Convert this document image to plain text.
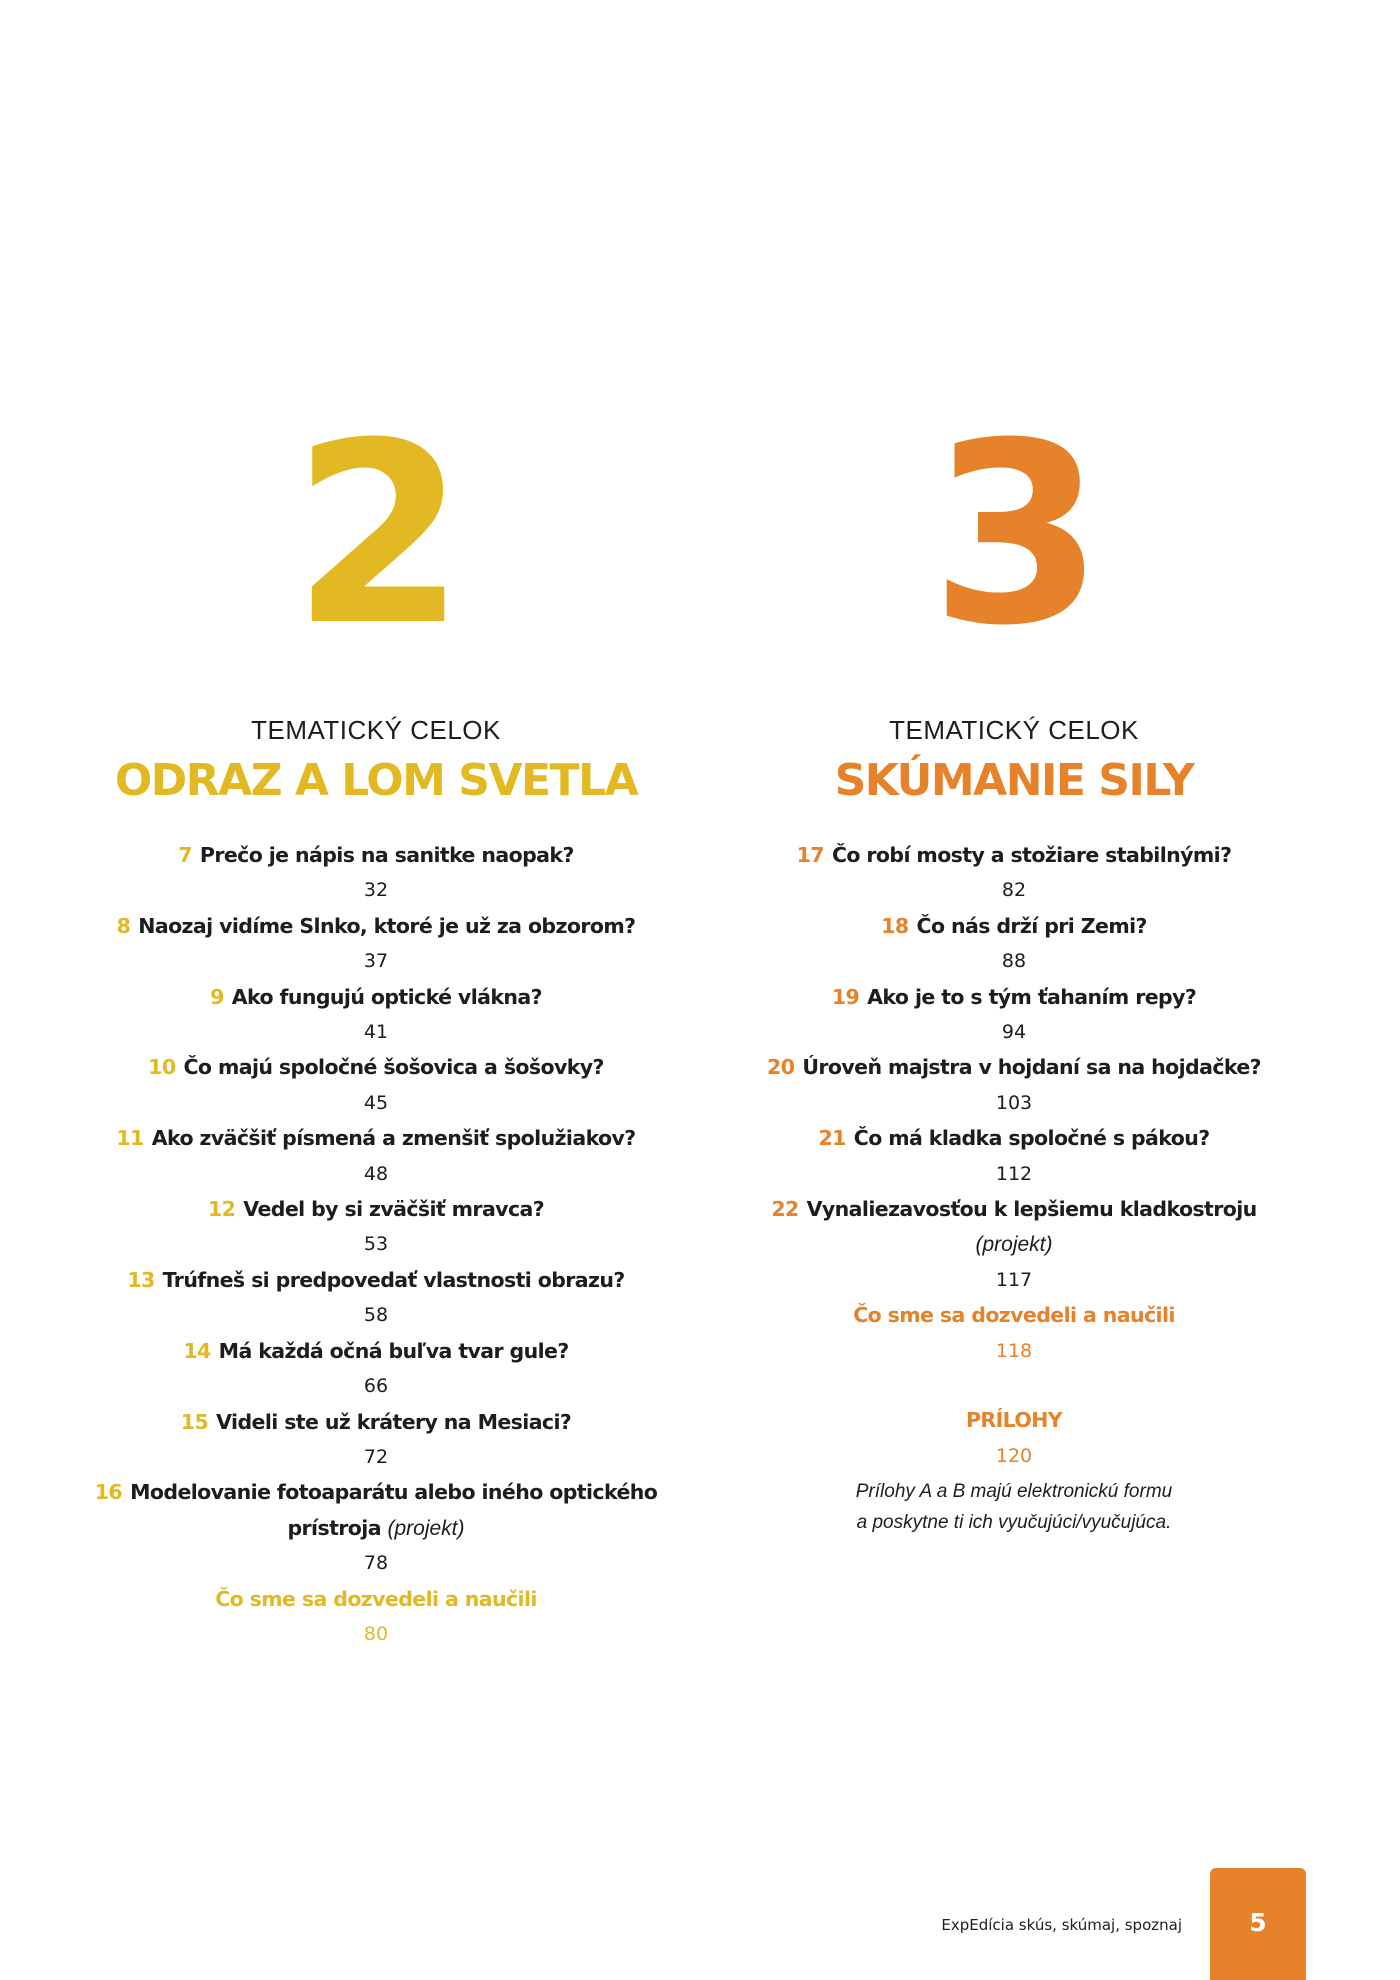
2
TEMATICKÝ CELOK
ODRAZ A LOM SVETLA
7 Prečo je nápis na sanitke naopak?
32
8 Naozaj vidíme Slnko, ktoré je už za obzorom?
37
9 Ako fungujú optické vlákna?
41
10 Čo majú spoločné šošovica a šošovky?
45
11 Ako zväčšiť písmená a zmenšiť spolužiakov?
48
12 Vedel by si zväčšiť mravca?
53
13 Trúfneš si predpovedať vlastnosti obrazu?
58
14 Má každá očná buľva tvar gule?
66
15 Videli ste už krátery na Mesiaci?
72
16 Modelovanie fotoaparátu alebo iného optického
prístroja (projekt)
78
Čo sme sa dozvedeli a naučili
80
3
TEMATICKÝ CELOK
SKÚMANIE SILY
17 Čo robí mosty a stožiare stabilnými?
82
18 Čo nás drží pri Zemi?
88
19 Ako je to s tým ťahaním repy?
94
20 Úroveň majstra v hojdaní sa na hojdačke?
103
21 Čo má kladka spoločné s pákou?
112
22 Vynaliezavosťou k lepšiemu kladkostroju
(projekt)
117
Čo sme sa dozvedeli a naučili
118
PRÍLOHY
120
Prílohy A a B majú elektronickú formu
a poskytne ti ich vyučujúci/vyučujúca.
ExpEdícia skús, skúmaj, spoznaj	5
